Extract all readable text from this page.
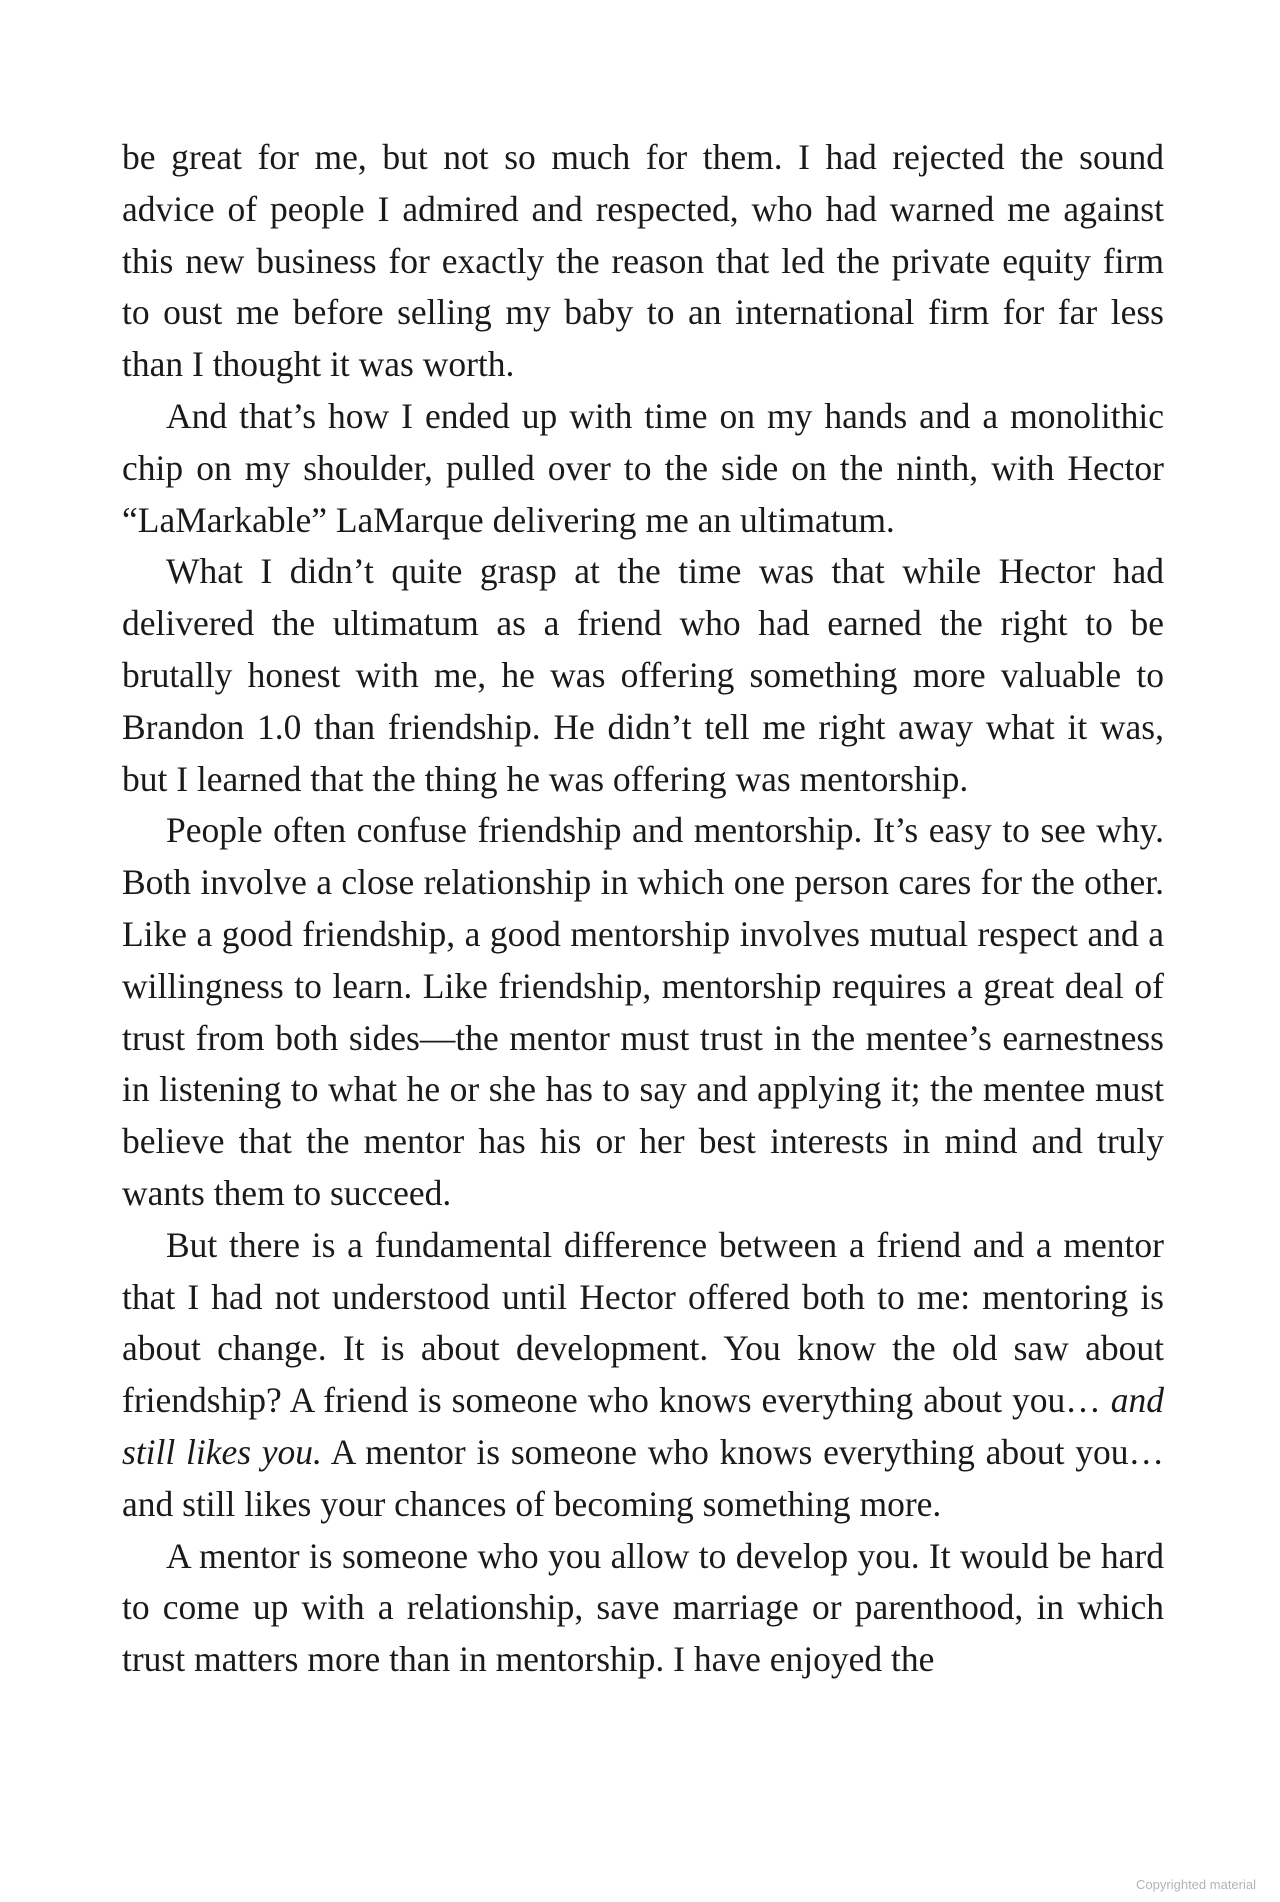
be great for me, but not so much for them. I had rejected the sound advice of people I admired and respected, who had warned me against this new business for exactly the reason that led the private equity firm to oust me before selling my baby to an international firm for far less than I thought it was worth.

And that’s how I ended up with time on my hands and a monolithic chip on my shoulder, pulled over to the side on the ninth, with Hector “LaMarkable” LaMarque delivering me an ultimatum.

What I didn’t quite grasp at the time was that while Hector had delivered the ultimatum as a friend who had earned the right to be brutally honest with me, he was offering something more valuable to Brandon 1.0 than friendship. He didn’t tell me right away what it was, but I learned that the thing he was offering was mentorship.

People often confuse friendship and mentorship. It’s easy to see why. Both involve a close relationship in which one person cares for the other. Like a good friendship, a good mentorship involves mutual respect and a willingness to learn. Like friendship, mentorship requires a great deal of trust from both sides—the mentor must trust in the mentee’s earnestness in listening to what he or she has to say and applying it; the mentee must believe that the mentor has his or her best interests in mind and truly wants them to succeed.

But there is a fundamental difference between a friend and a mentor that I had not understood until Hector offered both to me: mentoring is about change. It is about development. You know the old saw about friendship? A friend is someone who knows everything about you… and still likes you. A mentor is someone who knows everything about you… and still likes your chances of becoming something more.

A mentor is someone who you allow to develop you. It would be hard to come up with a relationship, save marriage or parenthood, in which trust matters more than in mentorship. I have enjoyed the

Copyrighted material
